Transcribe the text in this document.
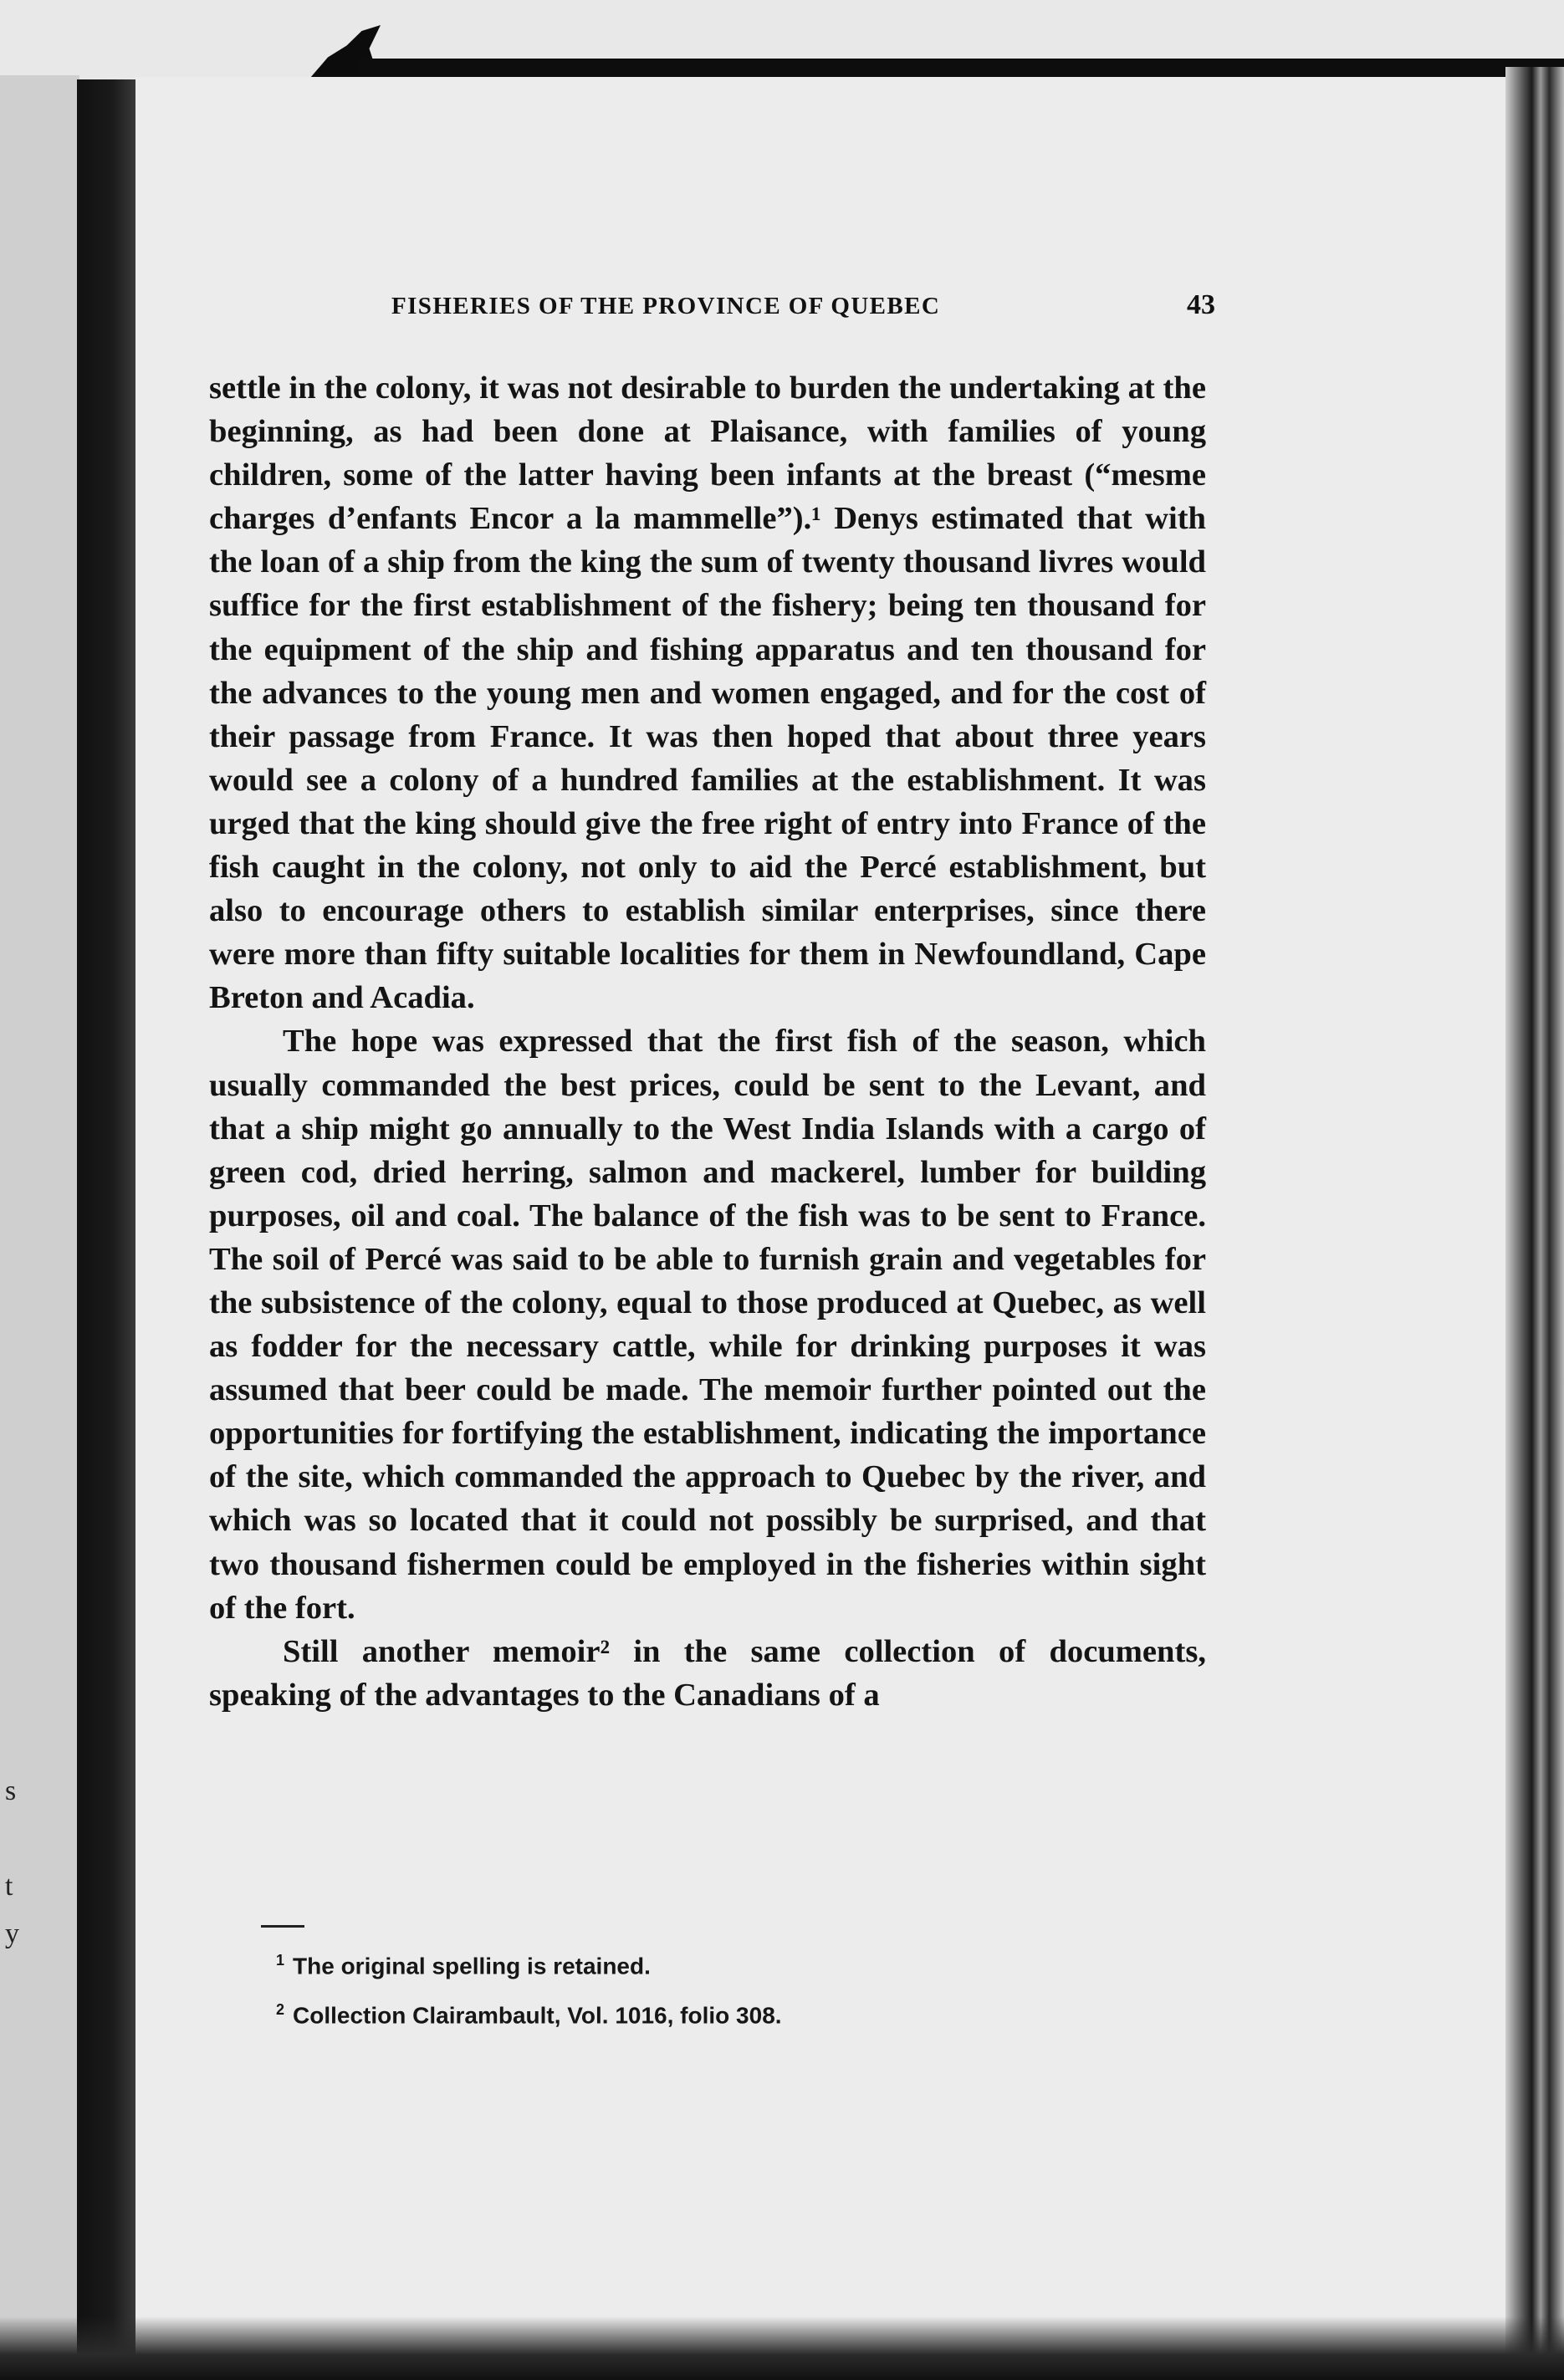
s
t
y
FISHERIES OF THE PROVINCE OF QUEBEC	43

settle in the colony, it was not desirable to burden the undertaking at the beginning, as had been done at Plaisance, with families of young children, some of the latter having been infants at the breast (“mesme charges d’enfants Encor a la mammelle”).¹ Denys estimated that with the loan of a ship from the king the sum of twenty thousand livres would suffice for the first establishment of the fishery; being ten thousand for the equipment of the ship and fishing apparatus and ten thousand for the advances to the young men and women engaged, and for the cost of their passage from France. It was then hoped that about three years would see a colony of a hundred families at the establishment. It was urged that the king should give the free right of entry into France of the fish caught in the colony, not only to aid the Percé establishment, but also to encourage others to establish similar enterprises, since there were more than fifty suitable localities for them in Newfoundland, Cape Breton and Acadia.

The hope was expressed that the first fish of the season, which usually commanded the best prices, could be sent to the Levant, and that a ship might go annually to the West India Islands with a cargo of green cod, dried herring, salmon and mackerel, lumber for building purposes, oil and coal. The balance of the fish was to be sent to France. The soil of Percé was said to be able to furnish grain and vegetables for the subsistence of the colony, equal to those produced at Quebec, as well as fodder for the necessary cattle, while for drinking purposes it was assumed that beer could be made. The memoir further pointed out the opportunities for fortifying the establishment, indicating the importance of the site, which commanded the approach to Quebec by the river, and which was so located that it could not possibly be surprised, and that two thousand fishermen could be employed in the fisheries within sight of the fort.

Still another memoir² in the same collection of documents, speaking of the advantages to the Canadians of a

$^1$ The original spelling is retained.
$^2$ Collection Clairambault, Vol. 1016, folio 308.
